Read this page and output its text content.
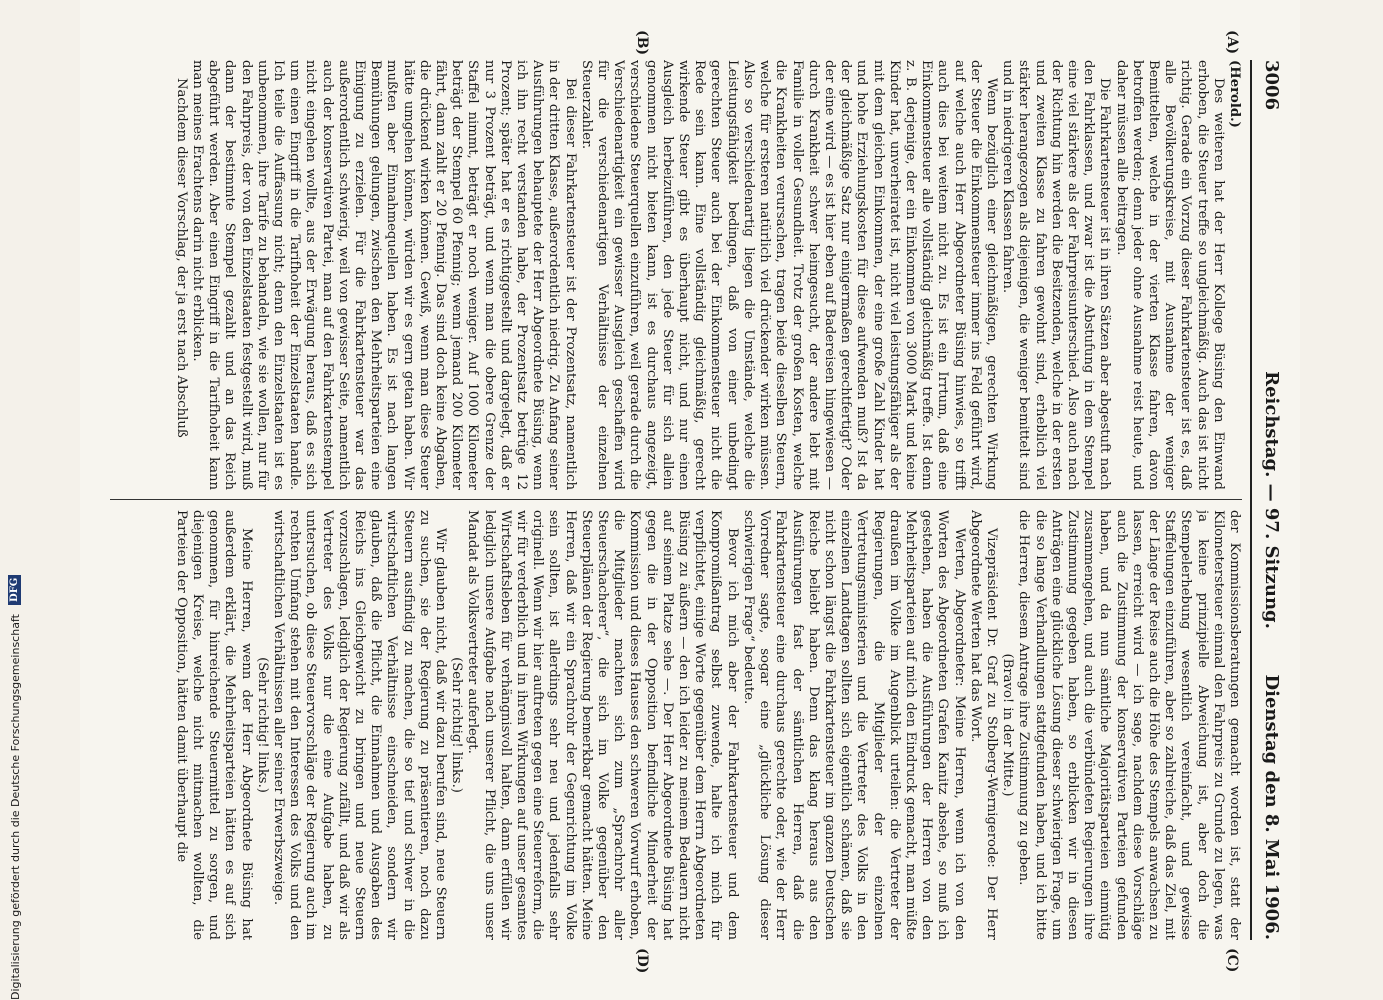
3006
Reichstag. — 97. Sitzung.
Dienstag den 8. Mai 1906.
(A)
(B)
(C)
(D)

(Herold.)

Des weiteren hat der Herr Kollege Büsing den Einwand erhoben, die Steuer treffe so ungleichmäßig. Auch das ist nicht richtig. Gerade ein Vorzug dieser Fahrkartensteuer ist es, daß alle Bevölkerungskreise, mit Ausnahme der weniger Bemittelten, welche in der vierten Klasse fahren, davon betroffen werden; denn jeder ohne Ausnahme reist heute, und daher müssen alle beitragen.

Die Fahrkartensteuer ist in ihren Sätzen aber abgestuft nach den Fahrklassen, und zwar ist die Abstufung in dem Stempel eine viel stärkere als der Fahrpreisunterschied. Also auch nach der Richtung hin werden die Besitzenden, welche in der ersten und zweiten Klasse zu fahren gewohnt sind, erheblich viel stärker herangezogen als diejenigen, die weniger bemittelt sind und in niedrigeren Klassen fahren.

Wenn bezüglich einer gleichmäßigen, gerechten Wirkung der Steuer die Einkommensteuer immer ins Feld geführt wird, auf welche auch Herr Abgeordneter Büsing hinwies, so trifft auch dies bei weitem nicht zu. Es ist ein Irrtum, daß eine Einkommensteuer alle vollständig gleichmäßig treffe. Ist denn z. B. derjenige, der ein Einkommen von 3000 Mark und keine Kinder hat, unverheiratet ist, nicht viel leistungsfähiger als der mit dem gleichen Einkommen, der eine große Zahl Kinder hat und hohe Erziehungskosten für diese aufwenden muß? Ist da der gleichmäßige Satz nur einigermaßen gerechtfertigt? Oder der eine wird — es ist hier eben auf Badereisen hingewiesen — durch Krankheit schwer heimgesucht, der andere lebt mit Familie in voller Gesundheit. Trotz der großen Kosten, welche die Krankheiten verursachen, tragen beide dieselben Steuern, welche für ersteren natürlich viel drückender wirken müssen. Also so verschiedenartig liegen die Umstände, welche die Leistungsfähigkeit bedingen, daß von einer unbedingt gerechten Steuer auch bei der Einkommensteuer nicht die Rede sein kann. Eine vollständig gleichmäßig, gerecht wirkende Steuer gibt es überhaupt nicht, und nur einen Ausgleich herbeizuführen, den jede Steuer für sich allein genommen nicht bieten kann, ist es durchaus angezeigt, verschiedene Steuerquellen einzuführen, weil gerade durch die Verschiedenartigkeit ein gewisser Ausgleich geschaffen wird für die verschiedenartigen Verhältnisse der einzelnen Steuerzahler.

Bei dieser Fahrkartensteuer ist der Prozentsatz, namentlich in der dritten Klasse, außerordentlich niedrig. Zu Anfang seiner Ausführungen behauptete der Herr Abgeordnete Büsing, wenn ich ihn recht verstanden habe, der Prozentsatz betrüge 12 Prozent; später hat er es richtiggestellt und dargelegt, daß er nur 3 Prozent beträgt, und wenn man die obere Grenze der Staffel nimmt, beträgt er noch weniger. Auf 1000 Kilometer beträgt der Stempel 60 Pfennig; wenn jemand 200 Kilometer fährt, dann zahlt er 20 Pfennig. Das sind doch keine Abgaben, die drückend wirken können. Gewiß, wenn man diese Steuer hätte umgehen können, würden wir es gern getan haben. Wir mußten aber Einnahmequellen haben. Es ist nach langen Bemühungen gelungen, zwischen den Mehrheitsparteien eine Einigung zu erzielen. Für die Fahrkartensteuer war das außerordentlich schwierig, weil von gewisser Seite, namentlich auch der konservativen Partei, man auf den Fahrkartenstempel nicht eingehen wollte, aus der Erwägung heraus, daß es sich um einen Eingriff in die Tarifhoheit der Einzelstaaten handle. Ich teile die Auffassung nicht; denn den Einzelstaaten ist es unbenommen, ihre Tarife zu behandeln, wie sie wollen, nur für den Fahrpreis, der von den Einzelstaaten festgestellt wird, muß dann der bestimmte Stempel gezahlt und an das Reich abgeführt werden. Aber einen Eingriff in die Tarifhoheit kann man meines Erachtens darin nicht erblicken.

Nachdem dieser Vorschlag, der ja erst nach Abschluß

der Kommissionsberatungen gemacht worden ist, statt der Kilometersteuer einmal den Fahrpreis zu Grunde zu legen, was ja keine prinzipielle Abweichung ist, aber doch die Stempelerhebung wesentlich vereinfacht, und gewisse Staffelungen einzuführen, aber so zahlreiche, daß das Ziel, mit der Länge der Reise auch die Höhe des Stempels anwachsen zu lassen, erreicht wird — ich sage, nachdem diese Vorschläge auch die Zustimmung der konservativen Parteien gefunden haben, und da nun sämtliche Majoritätsparteien einmütig zusammengehen, und auch die verbündeten Regierungen ihre Zustimmung gegeben haben, so erblicken wir in diesen Anträgen eine glückliche Lösung dieser schwierigen Frage, um die so lange Verhandlungen stattgefunden haben, und ich bitte die Herren, diesem Antrage ihre Zustimmung zu geben.

(Bravo! in der Mitte.)

Vizepräsident Dr. Graf zu Stolberg-Wernigerode: Der Herr Abgeordnete Werten hat das Wort.

Werten, Abgeordneter: Meine Herren, wenn ich von den Worten des Abgeordneten Grafen Kanitz absehe, so muß ich gestehen, haben die Ausführungen der Herren von den Mehrheitsparteien auf mich den Eindruck gemacht, man müßte draußen im Volke im Augenblick urteilen: die Vertreter der Regierungen, die Mitglieder der einzelnen Vertretungsministerien und die Vertreter des Volks in den einzelnen Landtagen sollten sich eigentlich schämen, daß sie nicht schon längst die Fahrkartensteuer im ganzen Deutschen Reiche beliebt haben. Denn das klang heraus aus den Ausführungen fast der sämtlichen Herren, daß die Fahrkartensteuer eine durchaus gerechte oder, wie der Herr Vorredner sagte, sogar eine „glückliche Lösung dieser schwierigen Frage“ bedeute.

Bevor ich mich aber der Fahrkartensteuer und dem Kompromißantrag selbst zuwende, halte ich mich für verpflichtet, einige Worte gegenüber dem Herrn Abgeordneten Büsing zu äußern — den ich leider zu meinem Bedauern nicht auf seinem Platze sehe —. Der Herr Abgeordnete Büsing hat gegen die in der Opposition befindliche Minderheit der Kommission und dieses Hauses den schweren Vorwurf erhoben, die Mitglieder machten sich zum „Sprachrohr aller Steuerschacherer“, die sich im Volke gegenüber den Steuerplänen der Regierung bemerkbar gemacht hätten. Meine Herren, daß wir ein Sprachrohr der Gegenrichtung im Volke sein sollten, ist allerdings sehr neu und jedenfalls sehr originell. Wenn wir hier auftreten gegen eine Steuerreform, die wir für verderblich und in ihren Wirkungen auf unser gesamtes Wirtschaftsleben für verhängnisvoll halten, dann erfüllen wir lediglich unsere Aufgabe nach unserer Pflicht, die uns unser Mandat als Volksvertreter auferlegt.

(Sehr richtig! links.)

Wir glauben nicht, daß wir dazu berufen sind, neue Steuern zu suchen, sie der Regierung zu präsentieren, noch dazu Steuern ausfindig zu machen, die so tief und schwer in die wirtschaftlichen Verhältnisse einschneiden, sondern wir glauben, daß die Pflicht, die Einnahmen und Ausgaben des Reichs ins Gleichgewicht zu bringen und neue Steuern vorzuschlagen, lediglich der Regierung zufällt, und daß wir als Vertreter des Volks nur die eine Aufgabe haben, zu untersuchen, ob diese Steuervorschläge der Regierung auch im rechten Umfang stehen mit den Interessen des Volks und den wirtschaftlichen Verhältnissen aller seiner Erwerbszweige.

(Sehr richtig! links.)

Meine Herren, wenn der Herr Abgeordnete Büsing hat außerdem erklärt, die Mehrheitsparteien hätten es auf sich genommen, für hinreichende Steuermittel zu sorgen, und diejenigen Kreise, welche nicht mitmachen wollten, die Parteien der Opposition, hätten damit überhaupt die

Digitalisierung gefördert durch die Deutsche Forschungsgemeinschaft DFG
